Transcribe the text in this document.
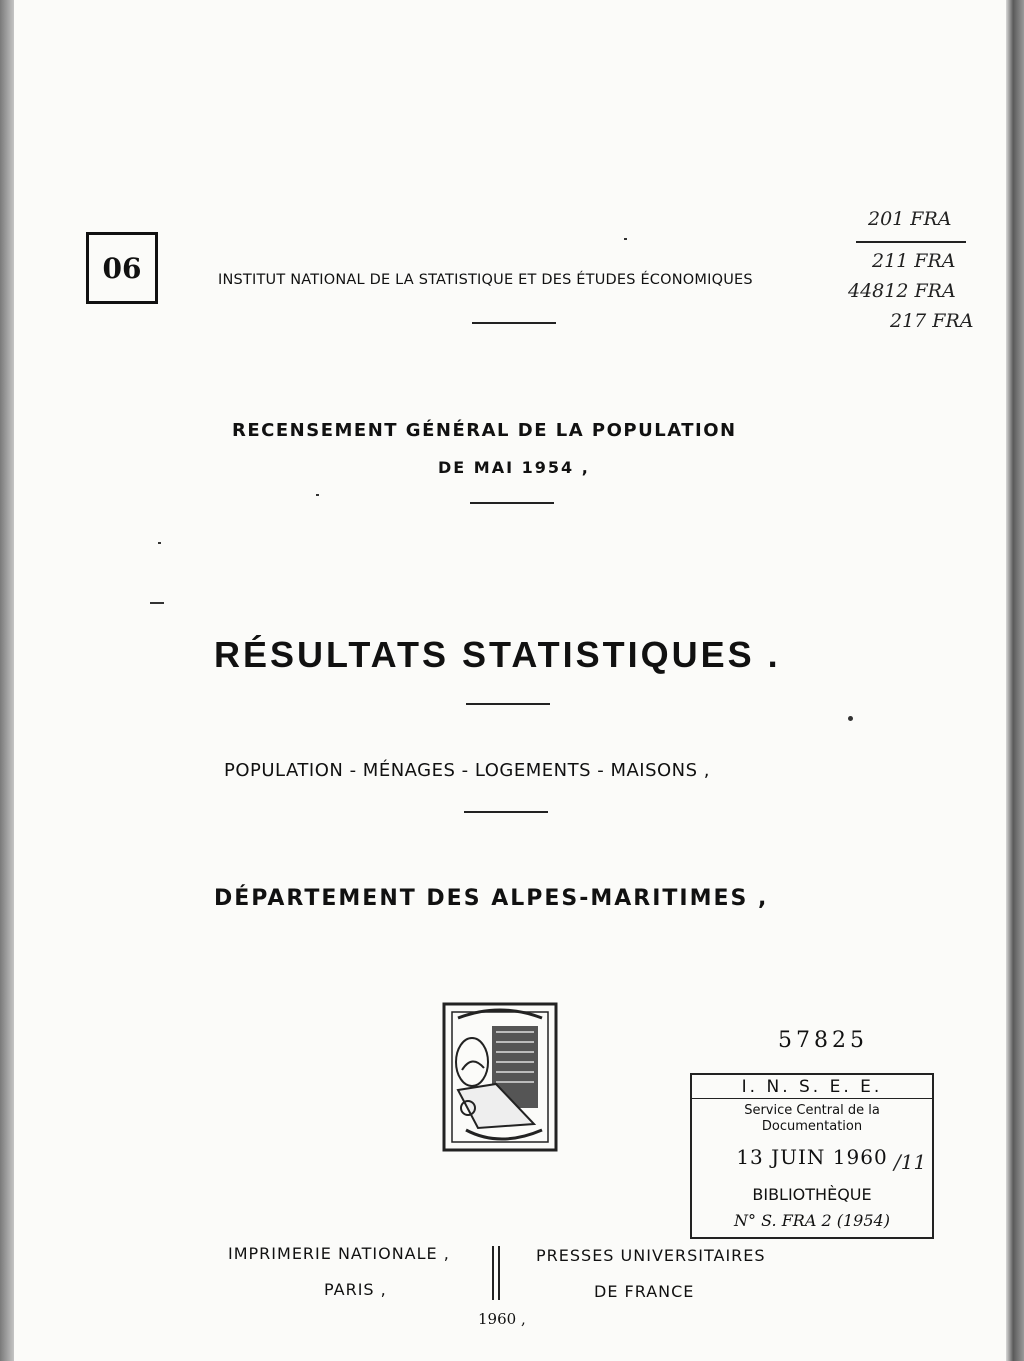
06	INSTITUT NATIONAL DE LA STATISTIQUE ET DES ÉTUDES ÉCONOMIQUES
201 FRA
211 FRA
44812 FRA
217 FRA
RECENSEMENT GÉNÉRAL DE LA POPULATION
DE MAI 1954 ,
RÉSULTATS STATISTIQUES .
POPULATION - MÉNAGES - LOGEMENTS - MAISONS ,
DÉPARTEMENT DES ALPES-MARITIMES ,
57825
I. N. S. E. E.
Service Central de la
Documentation
13 JUIN 1960
BIBLIOTHÈQUE
N° S. FRA 2 (1954)
∕11
IMPRIMERIE NATIONALE ,
PARIS ,
PRESSES UNIVERSITAIRES
DE FRANCE
1960 ,
